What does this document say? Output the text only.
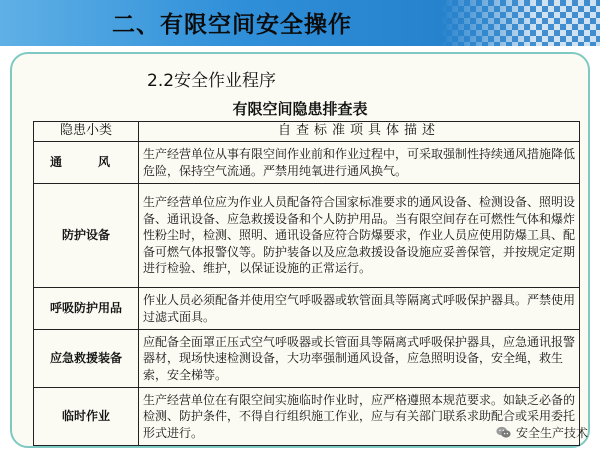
二、有限空间安全操作
2.2安全作业程序
有限空间隐患排查表
隐患小类	自查标准项具体描述
通　风	生产经营单位从事有限空间作业前和作业过程中，可采取强制性持续通风措施降低危险，保持空气流通。严禁用纯氧进行通风换气。
防护设备	生产经营单位应为作业人员配备符合国家标准要求的通风设备、检测设备、照明设备、通讯设备、应急救援设备和个人防护用品。当有限空间存在可燃性气体和爆炸性粉尘时，检测、照明、通讯设备应符合防爆要求，作业人员应使用防爆工具、配备可燃气体报警仪等。防护装备以及应急救援设备设施应妥善保管，并按规定定期进行检验、维护，以保证设施的正常运行。
呼吸防护用品	作业人员必须配备并使用空气呼吸器或软管面具等隔离式呼吸保护器具。严禁使用过滤式面具。
应急救援装备	应配备全面罩正压式空气呼吸器或长管面具等隔离式呼吸保护器具，应急通讯报警器材，现场快速检测设备，大功率强制通风设备，应急照明设备，安全绳，救生索，安全梯等。
临时作业	生产经营单位在有限空间实施临时作业时，应严格遵照本规范要求。如缺乏必备的检测、防护条件，不得自行组织施工作业，应与有关部门联系求助配合或采用委托形式进行。	安全生产技术
